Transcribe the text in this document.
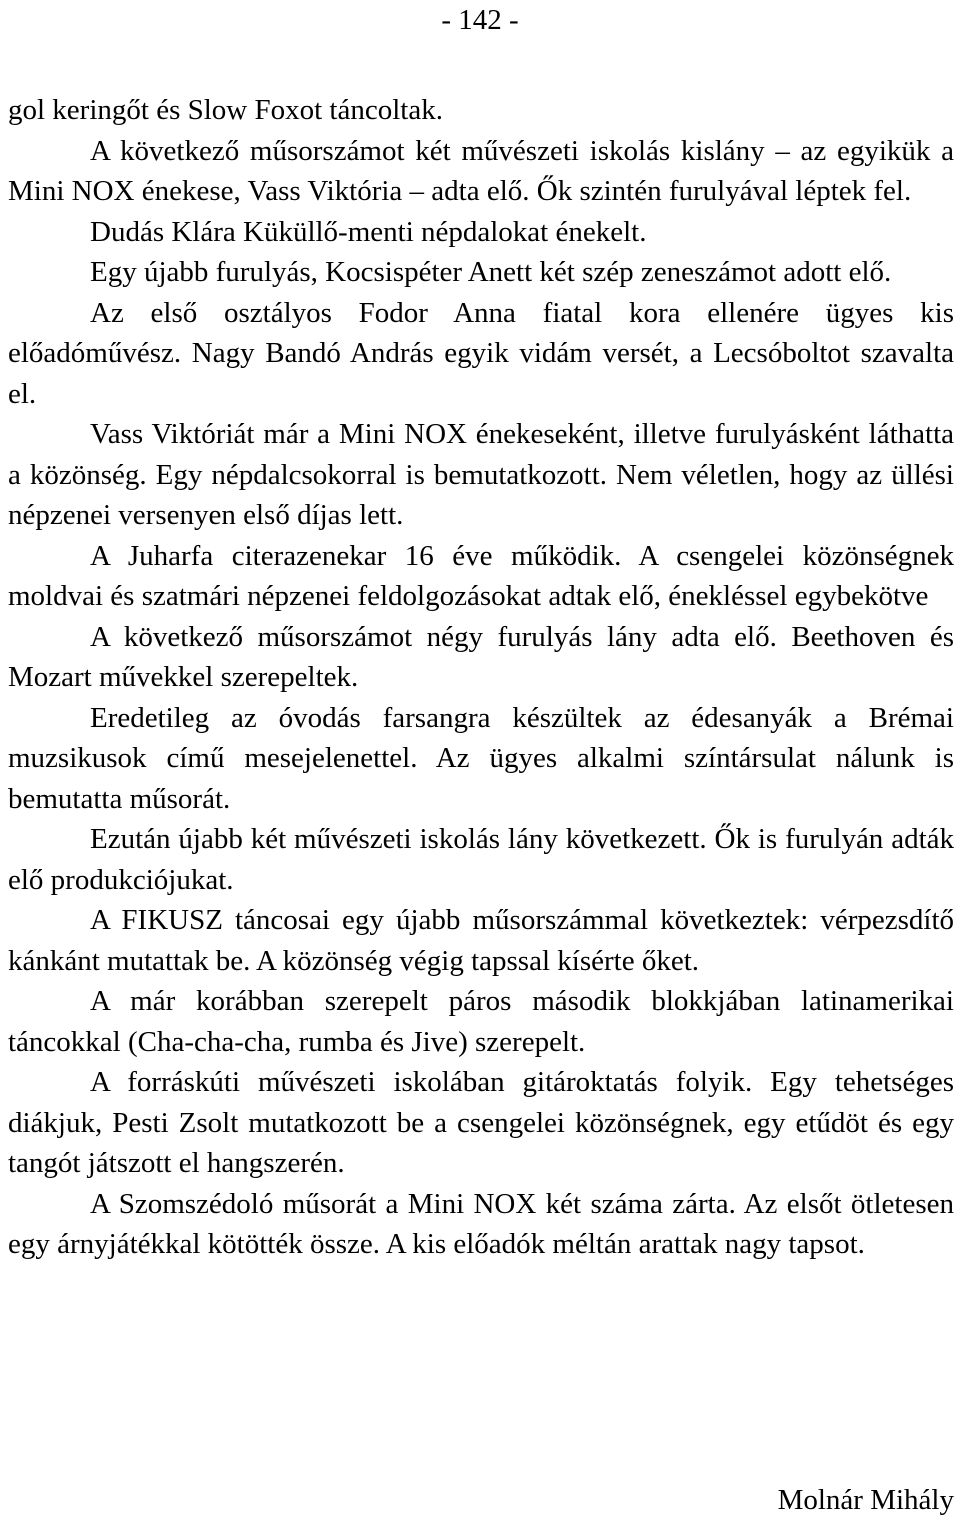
- 142 -

gol keringőt és Slow Foxot táncoltak.

A következő műsorszámot két művészeti iskolás kislány – az egyikük a Mini NOX énekese, Vass Viktória – adta elő. Ők szintén furulyával léptek fel.

Dudás Klára Küküllő-menti népdalokat énekelt.

Egy újabb furulyás, Kocsispéter Anett két szép zeneszámot adott elő.

Az első osztályos Fodor Anna fiatal kora ellenére ügyes kis előadóművész. Nagy Bandó András egyik vidám versét, a Lecsóboltot szavalta el.

Vass Viktóriát már a Mini NOX énekeseként, illetve furulyásként láthatta a közönség. Egy népdalcsokorral is bemutatkozott. Nem véletlen, hogy az üllési népzenei versenyen első díjas lett.

A Juharfa citerazenekar 16 éve működik. A csengelei közönségnek moldvai és szatmári népzenei feldolgozásokat adtak elő, énekléssel egybekötve

A következő műsorszámot négy furulyás lány adta elő. Beethoven és Mozart művekkel szerepeltek.

Eredetileg az óvodás farsangra készültek az édesanyák a Brémai muzsikusok című mesejelenettel. Az ügyes alkalmi színtársulat nálunk is bemutatta műsorát.

Ezután újabb két művészeti iskolás lány következett. Ők is furulyán adták elő produkciójukat.

A FIKUSZ táncosai egy újabb műsorszámmal következtek: vérpezsdítő kánkánt mutattak be. A közönség végig tapssal kísérte őket.

A már korábban szerepelt páros második blokkjában latinamerikai táncokkal (Cha-cha-cha, rumba és Jive) szerepelt.

A forráskúti művészeti iskolában gitároktatás folyik. Egy tehetséges diákjuk, Pesti Zsolt mutatkozott be a csengelei közönségnek, egy etűdöt és egy tangót játszott el hangszerén.

A Szomszédoló műsorát a Mini NOX két száma zárta. Az elsőt ötletesen egy árnyjátékkal kötötték össze. A kis előadók méltán arattak nagy tapsot.

Molnár Mihály
